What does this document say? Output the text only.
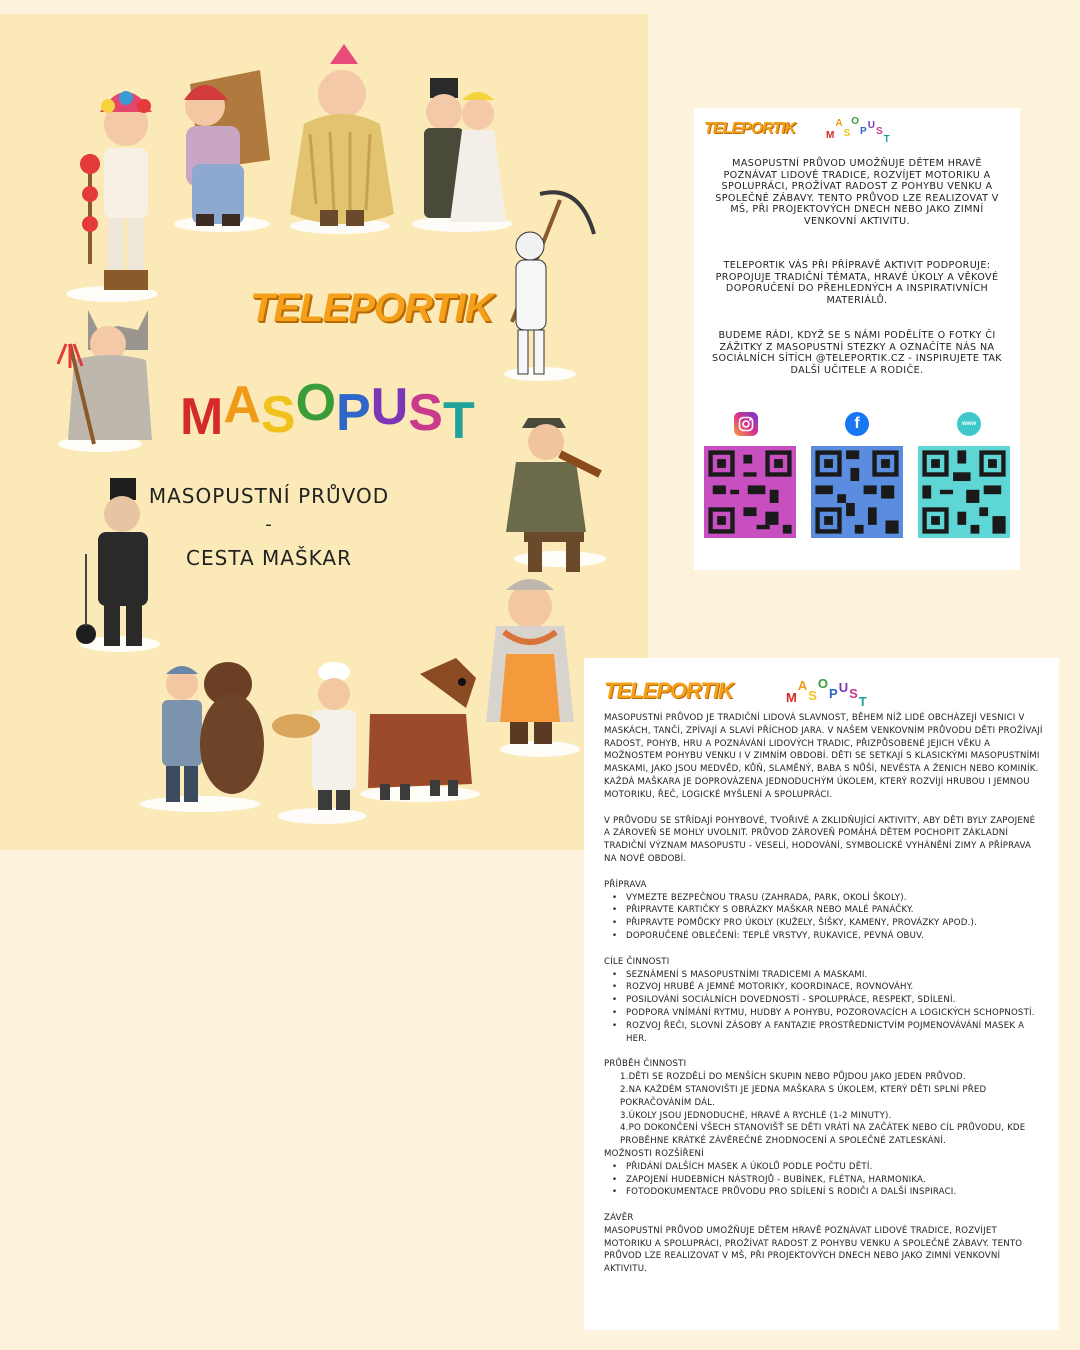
TELEPORTIK
MASOPUST
MASOPUSTNÍ PRŮVOD
-
CESTA MAŠKAR
TELEPORTIK	MASOPUST
MASOPUSTNÍ PRŮVOD UMOŽŇUJE DĚTEM HRAVĚ POZNÁVAT LIDOVÉ TRADICE, ROZVÍJET MOTORIKU A SPOLUPRÁCI, PROŽÍVAT RADOST Z POHYBU VENKU A SPOLEČNÉ ZÁBAVY. TENTO PRŮVOD LZE REALIZOVAT V MŠ, PŘI PROJEKTOVÝCH DNECH NEBO JAKO ZIMNÍ VENKOVNÍ AKTIVITU.
TELEPORTIK VÁS PŘI PŘÍPRAVĚ AKTIVIT PODPORUJE: PROPOJUJE TRADIČNÍ TÉMATA, HRAVÉ ÚKOLY A VĚKOVÉ DOPORUČENÍ DO PŘEHLEDNÝCH A INSPIRATIVNÍCH MATERIÁLŮ.
BUDEME RÁDI, KDYŽ SE S NÁMI PODĚLÍTE O FOTKY ČI ZÁŽITKY Z MASOPUSTNÍ STEZKY A OZNAČÍTE NÁS NA SOCIÁLNÍCH SÍTÍCH @TELEPORTIK.CZ - INSPIRUJETE TAK DALŠÍ UČITELE A RODIČE.
f	www
TELEPORTIK	MASOPUST

MASOPUSTNÍ PRŮVOD JE TRADIČNÍ LIDOVÁ SLAVNOST, BĚHEM NÍŽ LIDÉ OBCHÁZEJÍ VESNICI V MASKÁCH, TANČÍ, ZPÍVAJÍ A SLAVÍ PŘÍCHOD JARA. V NAŠEM VENKOVNÍM PRŮVODU DĚTI PROŽÍVAJÍ RADOST, POHYB, HRU A POZNÁVÁNÍ LIDOVÝCH TRADIC, PŘIZPŮSOBENÉ JEJICH VĚKU A MOŽNOSTEM POHYBU VENKU I V ZIMNÍM OBDOBÍ. DĚTI SE SETKAJÍ S KLASICKÝMI MASOPUSTNÍMI MASKAMI, JAKO JSOU MEDVĚD, KŮŇ, SLAMĚNÝ, BABA S NŮŠÍ, NEVĚSTA A ŽENICH NEBO KOMINÍK. KAŽDÁ MAŠKARA JE DOPROVÁZENA JEDNODUCHÝM ÚKOLEM, KTERÝ ROZVÍJÍ HRUBOU I JEMNOU MOTORIKU, ŘEČ, LOGICKÉ MYŠLENÍ A SPOLUPRÁCI.

V PRŮVODU SE STŘÍDAJÍ POHYBOVÉ, TVOŘIVÉ A ZKLIDŇUJÍCÍ AKTIVITY, ABY DĚTI BYLY ZAPOJENÉ A ZÁROVEŇ SE MOHLY UVOLNIT. PRŮVOD ZÁROVEŇ POMÁHÁ DĚTEM POCHOPIT ZÁKLADNÍ TRADIČNÍ VÝZNAM MASOPUSTU - VESELÍ, HODOVÁNÍ, SYMBOLICKÉ VYHÁNĚNÍ ZIMY A PŘÍPRAVA NA NOVÉ OBDOBÍ.

PŘÍPRAVA
• VYMEZTE BEZPEČNOU TRASU (ZAHRADA, PARK, OKOLÍ ŠKOLY).
• PŘIPRAVTE KARTIČKY S OBRÁZKY MAŠKAR NEBO MALÉ PANÁČKY.
• PŘIPRAVTE POMŮCKY PRO ÚKOLY (KUŽELY, ŠIŠKY, KAMENY, PROVÁZKY APOD.).
• DOPORUČENÉ OBLEČENÍ: TEPLÉ VRSTVY, RUKAVICE, PEVNÁ OBUV.
CÍLE ČINNOSTI
• SEZNÁMENÍ S MASOPUSTNÍMI TRADICEMI A MASKAMI.
• ROZVOJ HRUBÉ A JEMNÉ MOTORIKY, KOORDINACE, ROVNOVÁHY.
• POSILOVÁNÍ SOCIÁLNÍCH DOVEDNOSTÍ - SPOLUPRÁCE, RESPEKT, SDÍLENÍ.
• PODPORA VNÍMÁNÍ RYTMU, HUDBY A POHYBU, POZOROVACÍCH A LOGICKÝCH SCHOPNOSTÍ.
• ROZVOJ ŘEČI, SLOVNÍ ZÁSOBY A FANTAZIE PROSTŘEDNICTVÍM POJMENOVÁVÁNÍ MASEK A HER.
PRŮBĚH ČINNOSTI
1.DĚTI SE ROZDĚLÍ DO MENŠÍCH SKUPIN NEBO PŮJDOU JAKO JEDEN PRŮVOD.
2.NA KAŽDÉM STANOVIŠTI JE JEDNA MAŠKARA S ÚKOLEM, KTERÝ DĚTI SPLNÍ PŘED POKRAČOVÁNÍM DÁL.
3.ÚKOLY JSOU JEDNODUCHÉ, HRAVÉ A RYCHLÉ (1-2 MINUTY).
4.PO DOKONČENÍ VŠECH STANOVIŠŤ SE DĚTI VRÁTÍ NA ZAČÁTEK NEBO CÍL PRŮVODU, KDE PROBĚHNE KRÁTKÉ ZÁVĚREČNÉ ZHODNOCENÍ A SPOLEČNÉ ZATLESKÁNÍ.
MOŽNOSTI ROZŠÍŘENÍ
• PŘIDÁNÍ DALŠÍCH MASEK A ÚKOLŮ PODLE POČTU DĚTÍ.
• ZAPOJENÍ HUDEBNÍCH NÁSTROJŮ - BUBÍNEK, FLÉTNA, HARMONIKA.
• FOTODOKUMENTACE PRŮVODU PRO SDÍLENÍ S RODIČI A DALŠÍ INSPIRACI.
ZÁVĚR
MASOPUSTNÍ PRŮVOD UMOŽŇUJE DĚTEM HRAVĚ POZNÁVAT LIDOVÉ TRADICE, ROZVÍJET MOTORIKU A SPOLUPRÁCI, PROŽÍVAT RADOST Z POHYBU VENKU A SPOLEČNÉ ZÁBAVY. TENTO PRŮVOD LZE REALIZOVAT V MŠ, PŘI PROJEKTOVÝCH DNECH NEBO JAKO ZIMNÍ VENKOVNÍ AKTIVITU.
